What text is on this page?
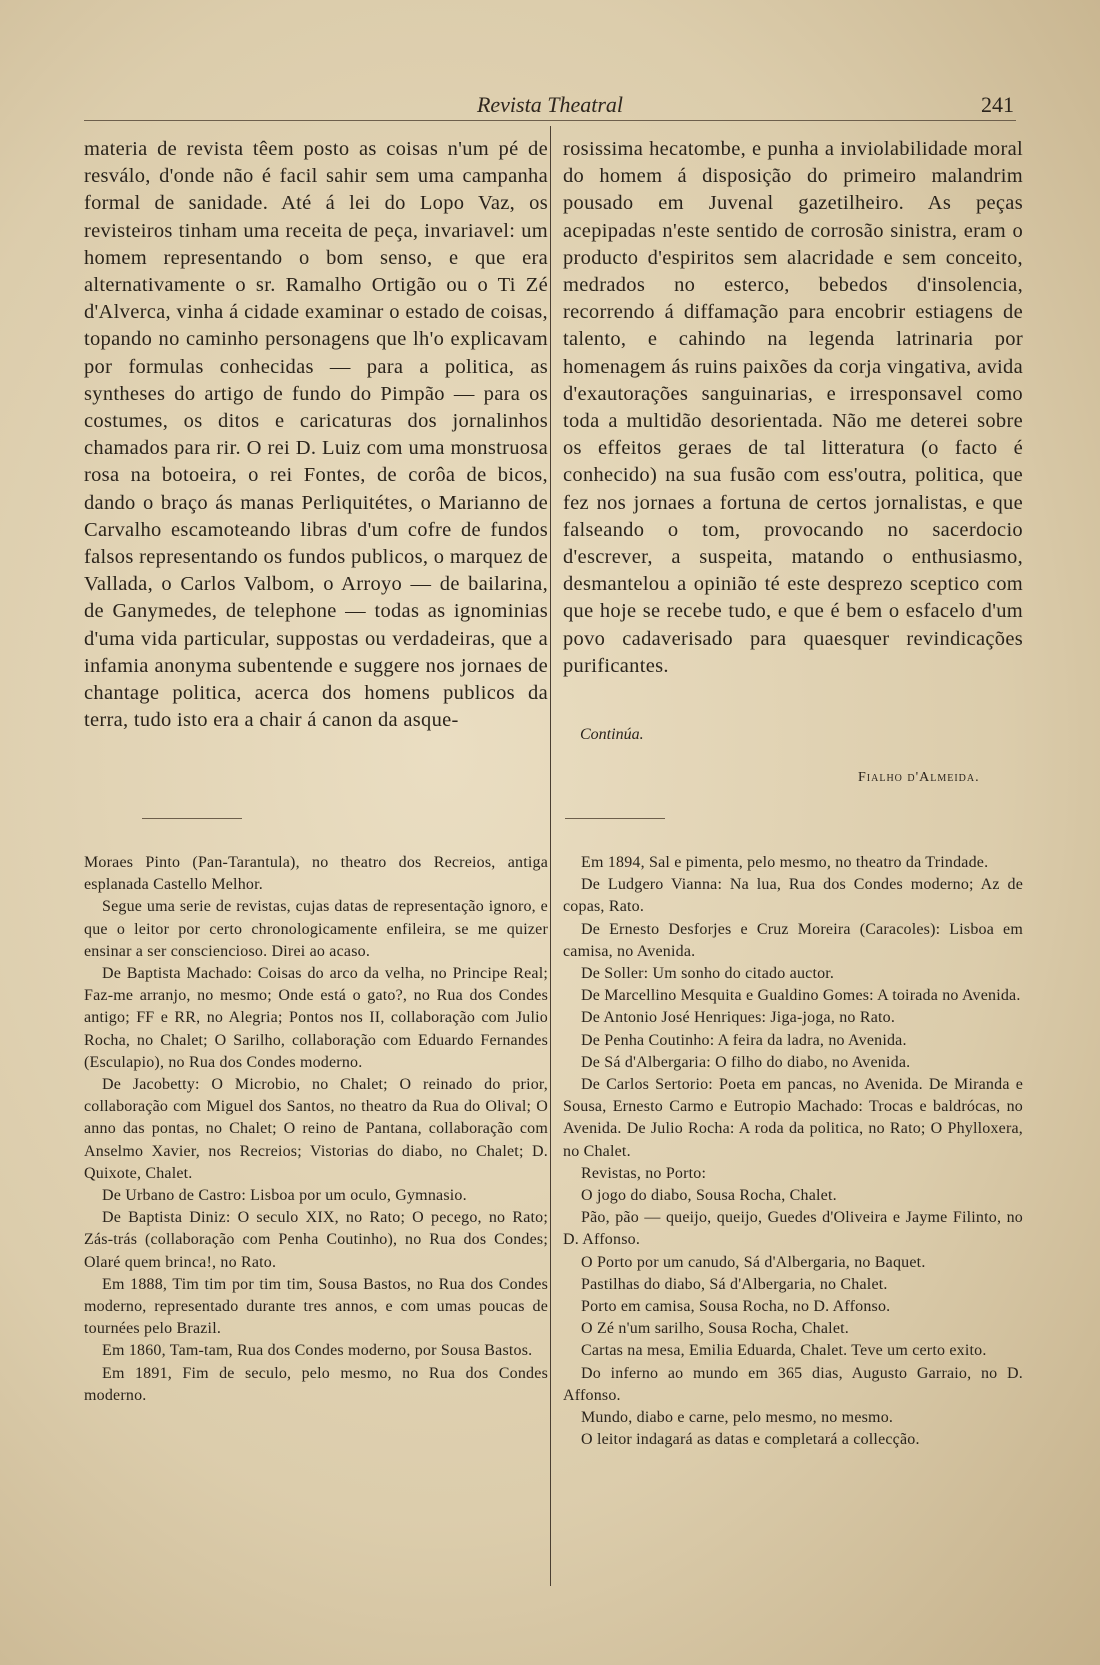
Revista Theatral	241

materia de revista têem posto as coisas n'um pé de resválo, d'onde não é facil sahir sem uma campanha formal de sanidade. Até á lei do Lopo Vaz, os revisteiros tinham uma receita de peça, invariavel: um homem representando o bom senso, e que era alternativamente o sr. Ramalho Ortigão ou o Ti Zé d'Alverca, vinha á cidade examinar o estado de coisas, topando no caminho personagens que lh'o explicavam por formulas conhecidas — para a politica, as syntheses do artigo de fundo do Pimpão — para os costumes, os ditos e caricaturas dos jornalinhos chamados para rir. O rei D. Luiz com uma monstruosa rosa na botoeira, o rei Fontes, de corôa de bicos, dando o braço ás manas Perliquitétes, o Marianno de Carvalho escamoteando libras d'um cofre de fundos falsos representando os fundos publicos, o marquez de Vallada, o Carlos Valbom, o Arroyo — de bailarina, de Ganymedes, de telephone — todas as ignominias d'uma vida particular, suppostas ou verdadeiras, que a infamia anonyma subentende e suggere nos jornaes de chantage politica, acerca dos homens publicos da terra, tudo isto era a chair á canon da asque-

rosissima hecatombe, e punha a inviolabilidade moral do homem á disposição do primeiro malandrim pousado em Juvenal gazetilheiro. As peças acepipadas n'este sentido de corrosão sinistra, eram o producto d'espiritos sem alacridade e sem conceito, medrados no esterco, bebedos d'insolencia, recorrendo á diffamação para encobrir estiagens de talento, e cahindo na legenda latrinaria por homenagem ás ruins paixões da corja vingativa, avida d'exautorações sanguinarias, e irresponsavel como toda a multidão desorientada. Não me deterei sobre os effeitos geraes de tal litteratura (o facto é conhecido) na sua fusão com ess'outra, politica, que fez nos jornaes a fortuna de certos jornalistas, e que falseando o tom, provocando no sacerdocio d'escrever, a suspeita, matando o enthusiasmo, desmantelou a opinião té este desprezo sceptico com que hoje se recebe tudo, e que é bem o esfacelo d'um povo cadaverisado para quaesquer revindicações purificantes.

Continúa.
Fialho d'Almeida.

Moraes Pinto (Pan-Tarantula), no theatro dos Recreios, antiga esplanada Castello Melhor.

Segue uma serie de revistas, cujas datas de representação ignoro, e que o leitor por certo chronologicamente enfileira, se me quizer ensinar a ser consciencioso. Direi ao acaso.

De Baptista Machado: Coisas do arco da velha, no Principe Real; Faz-me arranjo, no mesmo; Onde está o gato?, no Rua dos Condes antigo; FF e RR, no Alegria; Pontos nos II, collaboração com Julio Rocha, no Chalet; O Sarilho, collaboração com Eduardo Fernandes (Esculapio), no Rua dos Condes moderno.

De Jacobetty: O Microbio, no Chalet; O reinado do prior, collaboração com Miguel dos Santos, no theatro da Rua do Olival; O anno das pontas, no Chalet; O reino de Pantana, collaboração com Anselmo Xavier, nos Recreios; Vistorias do diabo, no Chalet; D. Quixote, Chalet.

De Urbano de Castro: Lisboa por um oculo, Gymnasio.

De Baptista Diniz: O seculo XIX, no Rato; O pecego, no Rato; Zás-trás (collaboração com Penha Coutinho), no Rua dos Condes; Olaré quem brinca!, no Rato.

Em 1888, Tim tim por tim tim, Sousa Bastos, no Rua dos Condes moderno, representado durante tres annos, e com umas poucas de tournées pelo Brazil.

Em 1860, Tam-tam, Rua dos Condes moderno, por Sousa Bastos.

Em 1891, Fim de seculo, pelo mesmo, no Rua dos Condes moderno.

Em 1894, Sal e pimenta, pelo mesmo, no theatro da Trindade.

De Ludgero Vianna: Na lua, Rua dos Condes moderno; Az de copas, Rato.

De Ernesto Desforjes e Cruz Moreira (Caracoles): Lisboa em camisa, no Avenida.

De Soller: Um sonho do citado auctor.

De Marcellino Mesquita e Gualdino Gomes: A toirada no Avenida.

De Antonio José Henriques: Jiga-joga, no Rato.

De Penha Coutinho: A feira da ladra, no Avenida.

De Sá d'Albergaria: O filho do diabo, no Avenida.

De Carlos Sertorio: Poeta em pancas, no Avenida. De Miranda e Sousa, Ernesto Carmo e Eutropio Machado: Trocas e baldrócas, no Avenida. De Julio Rocha: A roda da politica, no Rato; O Phylloxera, no Chalet.

Revistas, no Porto:

O jogo do diabo, Sousa Rocha, Chalet.

Pão, pão — queijo, queijo, Guedes d'Oliveira e Jayme Filinto, no D. Affonso.

O Porto por um canudo, Sá d'Albergaria, no Baquet.

Pastilhas do diabo, Sá d'Albergaria, no Chalet.

Porto em camisa, Sousa Rocha, no D. Affonso.

O Zé n'um sarilho, Sousa Rocha, Chalet.

Cartas na mesa, Emilia Eduarda, Chalet. Teve um certo exito.

Do inferno ao mundo em 365 dias, Augusto Garraio, no D. Affonso.

Mundo, diabo e carne, pelo mesmo, no mesmo.

O leitor indagará as datas e completará a collecção.
